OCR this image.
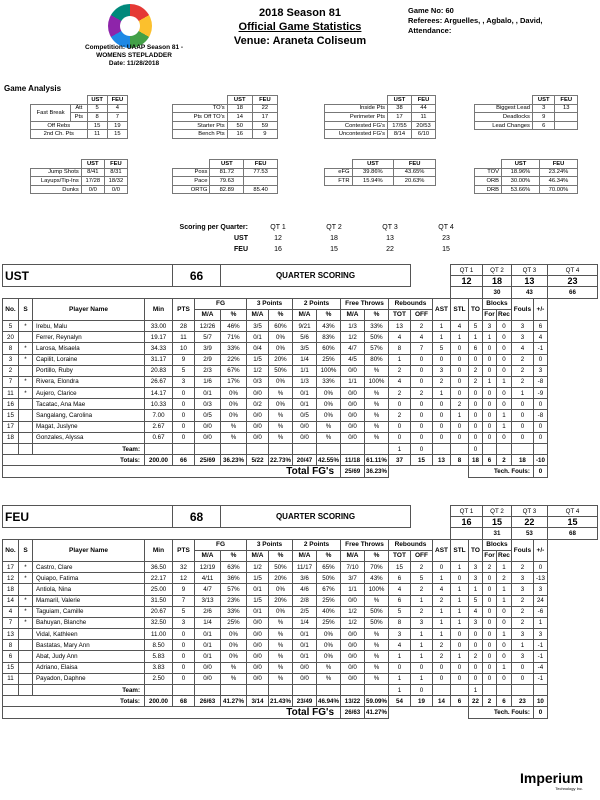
Competition: UAAP Season 81 - WOMENS STEPLADDER
Date: 11/28/2018
2018 Season 81
Official Game Statistics
Venue: Araneta Coliseum
Game No: 60
Referees: Arguelles, , Agbalo, , David,
Attendance:
Game Analysis
		UST	FEU
Fast Break	Att	5	4
	Pts	8	7
Off Rebs		15	19
2nd Ch. Pts		11	15
	UST	FEU
TO's	18	22
Pts Off TO's	14	17
Starter Pts	50	59
Bench Pts	16	9
	UST	FEU
Inside Pts	38	44
Perimeter Pts	17	11
Contested FG's	17/55	20/53
Uncontested FG's	8/14	6/10
	UST	FEU
Biggest Lead	3	13
Deadlocks	9	
Lead Changes	6	
	UST	FEU
Jump Shots	8/41	8/31
Layups/Tip-Ins	17/28	18/32
Dunks	0/0	0/0
	UST	FEU
Poss	81.72	77.53
Pace	79.63	
ORTG	82.89	85.40
	UST	FEU
eFG	39.86%	43.65%
FTR	15.94%	20.63%
	UST	FEU
TOV	18.96%	23.24%
ORB	30.00%	46.34%
DRB	53.66%	70.00%
Scoring per Quarter:	QT 1	QT 2	QT 3	QT 4
UST	12	18	13	23
FEU	16	15	22	15
UST				66		QUARTER SCORING										QT 1		QT 2		QT 3		QT 4
																12		18		13		23
																		30		43		66
No.	S	Player Name	Min	PTS	FG		3 Points		2 Points		Free Throws		Rebounds		AST	STL	TO	Blocks		Fouls	+/-	
					M/A	%	M/A	%	M/A	%	M/A	%	TOT	OFF				For	Rec			
5	*	Irebu, Malu	33.00	28	12/26	46%	3/5	60%	9/21	43%	1/3	33%	13	2	1	4	5	3	0	3	6	
20		Ferrer, Reynalyn	19.17	11	5/7	71%	0/1	0%	5/6	83%	1/2	50%	4	4	1	1	1	1	0	3	4	
8	*	Larosa, Misaela	34.33	10	3/9	33%	0/4	0%	3/5	60%	4/7	57%	8	7	5	0	6	0	0	4	-1	
3	*	Capilit, Loraine	31.17	9	2/9	22%	1/5	20%	1/4	25%	4/5	80%	1	0	0	0	0	0	0	2	0	
2		Portillo, Ruby	20.83	5	2/3	67%	1/2	50%	1/1	100%	0/0	%	2	0	3	0	2	0	0	2	3	
7	*	Rivera, Elondra	26.67	3	1/6	17%	0/3	0%	1/3	33%	1/1	100%	4	0	2	0	2	1	1	2	-8	
11	*	Aujero, Clarice	14.17	0	0/1	0%	0/0	%	0/1	0%	0/0	%	2	2	1	0	0	0	0	1	-9	
16		Tacatac, Ana Mae	10.33	0	0/3	0%	0/2	0%	0/1	0%	0/0	%	0	0	0	2	0	0	0	0	0	
15		Sangalang, Carolina	7.00	0	0/5	0%	0/0	%	0/5	0%	0/0	%	2	0	0	1	0	0	1	0	-8	
17		Magat, Juslyne	2.67	0	0/0	%	0/0	%	0/0	%	0/0	%	0	0	0	0	0	0	1	0	0	
18		Gonzales, Alyssa	0.67	0	0/0	%	0/0	%	0/0	%	0/0	%	0	0	0	0	0	0	0	0	0	
		Team:											1	0			0					
Totals:			200.00	66	25/69	36.23%	5/22	22.73%	20/47	42.55%	11/18	61.11%	37	15	13	8	18	6	2	18	-10	
Total FG's											25/69	36.23%					Tech. Fouls:				0	
FEU				68		QUARTER SCORING										QT 1		QT 2		QT 3		QT 4
																16		15		22		15
																		31		53		68
No.	S	Player Name	Min	PTS	FG		3 Points		2 Points		Free Throws		Rebounds		AST	STL	TO	Blocks		Fouls	+/-	
					M/A	%	M/A	%	M/A	%	M/A	%	TOT	OFF				For	Rec			
17	*	Castro, Clare	36.50	32	12/19	63%	1/2	50%	11/17	65%	7/10	70%	15	2	0	1	3	2	1	2	0	
12	*	Quiapo, Fatima	22.17	12	4/11	36%	1/5	20%	3/6	50%	3/7	43%	6	5	1	0	3	0	2	3	-13	
18		Antiola, Nina	25.00	9	4/7	57%	0/1	0%	4/6	67%	1/1	100%	4	2	4	1	1	0	1	3	3	
14	*	Mamaril, Valerie	31.50	7	3/13	23%	1/5	20%	2/8	25%	0/0	%	6	1	2	1	5	0	1	2	24	
4	*	Taguiam, Camille	20.67	5	2/6	33%	0/1	0%	2/5	40%	1/2	50%	5	2	1	1	4	0	0	2	-6	
7	*	Bahuyan, Blanche	32.50	3	1/4	25%	0/0	%	1/4	25%	1/2	50%	8	3	1	1	3	0	0	2	1	
13		Vidal, Kathleen	11.00	0	0/1	0%	0/0	%	0/1	0%	0/0	%	3	1	1	0	0	0	1	3	3	
8		Bastatas, Mary Ann	8.50	0	0/1	0%	0/0	%	0/1	0%	0/0	%	4	1	2	0	0	0	0	1	-1	
6		Abat, Judy Ann	5.83	0	0/1	0%	0/0	%	0/1	0%	0/0	%	1	1	2	1	2	0	0	3	-1	
15		Adriano, Elaisa	3.83	0	0/0	%	0/0	%	0/0	%	0/0	%	0	0	0	0	0	0	1	0	-4	
11		Payadon, Daphne	2.50	0	0/0	%	0/0	%	0/0	%	0/0	%	1	1	0	0	0	0	0	0	-1	
		Team:											1	0			1					
Totals:			200.00	68	26/63	41.27%	3/14	21.43%	23/49	46.94%	13/22	59.09%	54	19	14	6	22	2	6	23	10	
Total FG's											26/63	41.27%					Tech. Fouls:				0	
Imperium
Technology Inc.
